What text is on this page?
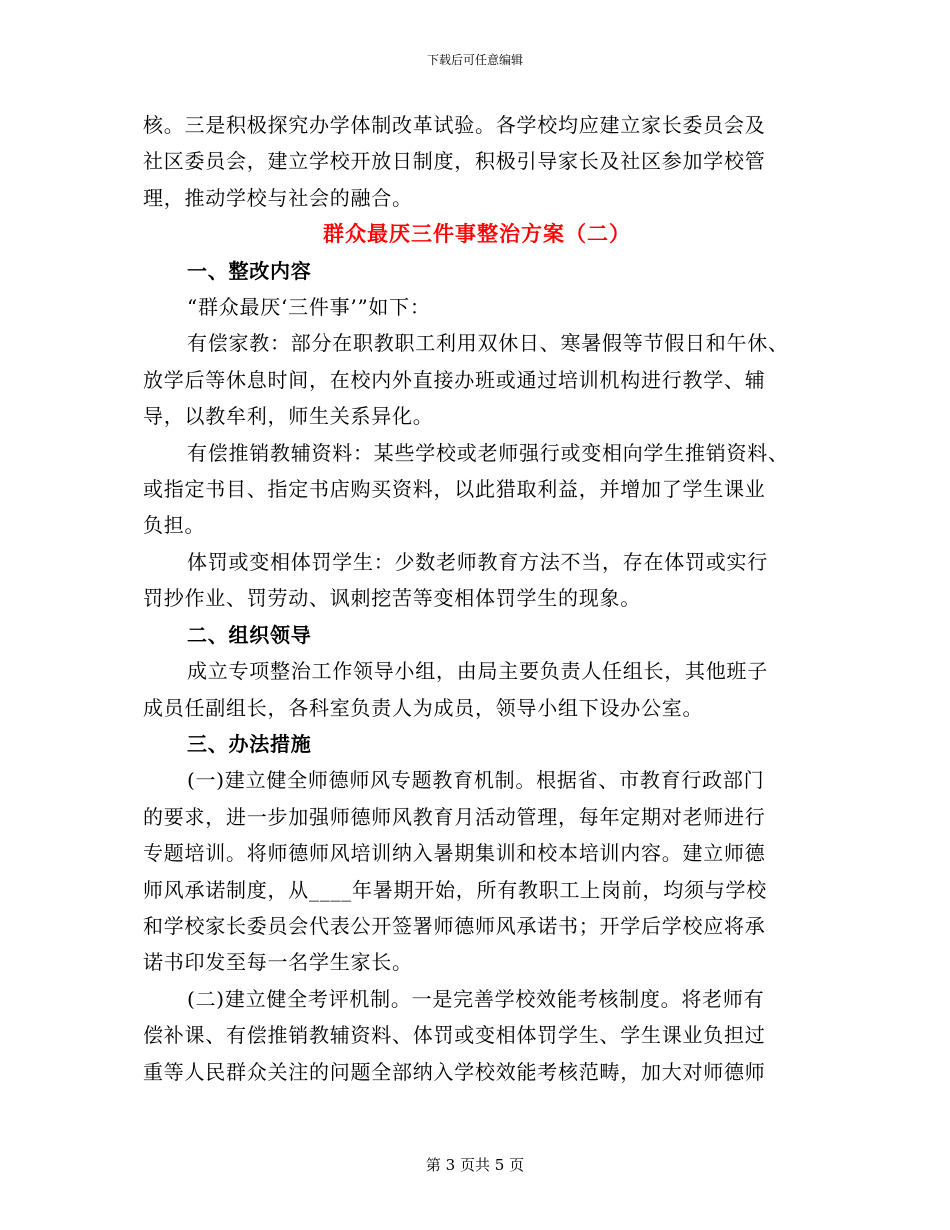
下载后可任意编辑
核。三是积极探究办学体制改革试验。各学校均应建立家长委员会及
社区委员会，建立学校开放日制度，积极引导家长及社区参加学校管
理，推动学校与社会的融合。
群众最厌三件事整治方案（二）
一、整改内容
“群众最厌‘三件事’”如下：
有偿家教：部分在职教职工利用双休日、寒暑假等节假日和午休、
放学后等休息时间，在校内外直接办班或通过培训机构进行教学、辅
导，以教牟利，师生关系异化。
有偿推销教辅资料：某些学校或老师强行或变相向学生推销资料、
或指定书目、指定书店购买资料，以此猎取利益，并增加了学生课业
负担。
体罚或变相体罚学生：少数老师教育方法不当，存在体罚或实行
罚抄作业、罚劳动、讽刺挖苦等变相体罚学生的现象。
二、组织领导
成立专项整治工作领导小组，由局主要负责人任组长，其他班子
成员任副组长，各科室负责人为成员，领导小组下设办公室。
三、办法措施
(一)建立健全师德师风专题教育机制。根据省、市教育行政部门
的要求，进一步加强师德师风教育月活动管理，每年定期对老师进行
专题培训。将师德师风培训纳入暑期集训和校本培训内容。建立师德
师风承诺制度，从____年暑期开始，所有教职工上岗前，均须与学校
和学校家长委员会代表公开签署师德师风承诺书；开学后学校应将承
诺书印发至每一名学生家长。
(二)建立健全考评机制。一是完善学校效能考核制度。将老师有
偿补课、有偿推销教辅资料、体罚或变相体罚学生、学生课业负担过
重等人民群众关注的问题全部纳入学校效能考核范畴，加大对师德师
第 3 页共 5 页
